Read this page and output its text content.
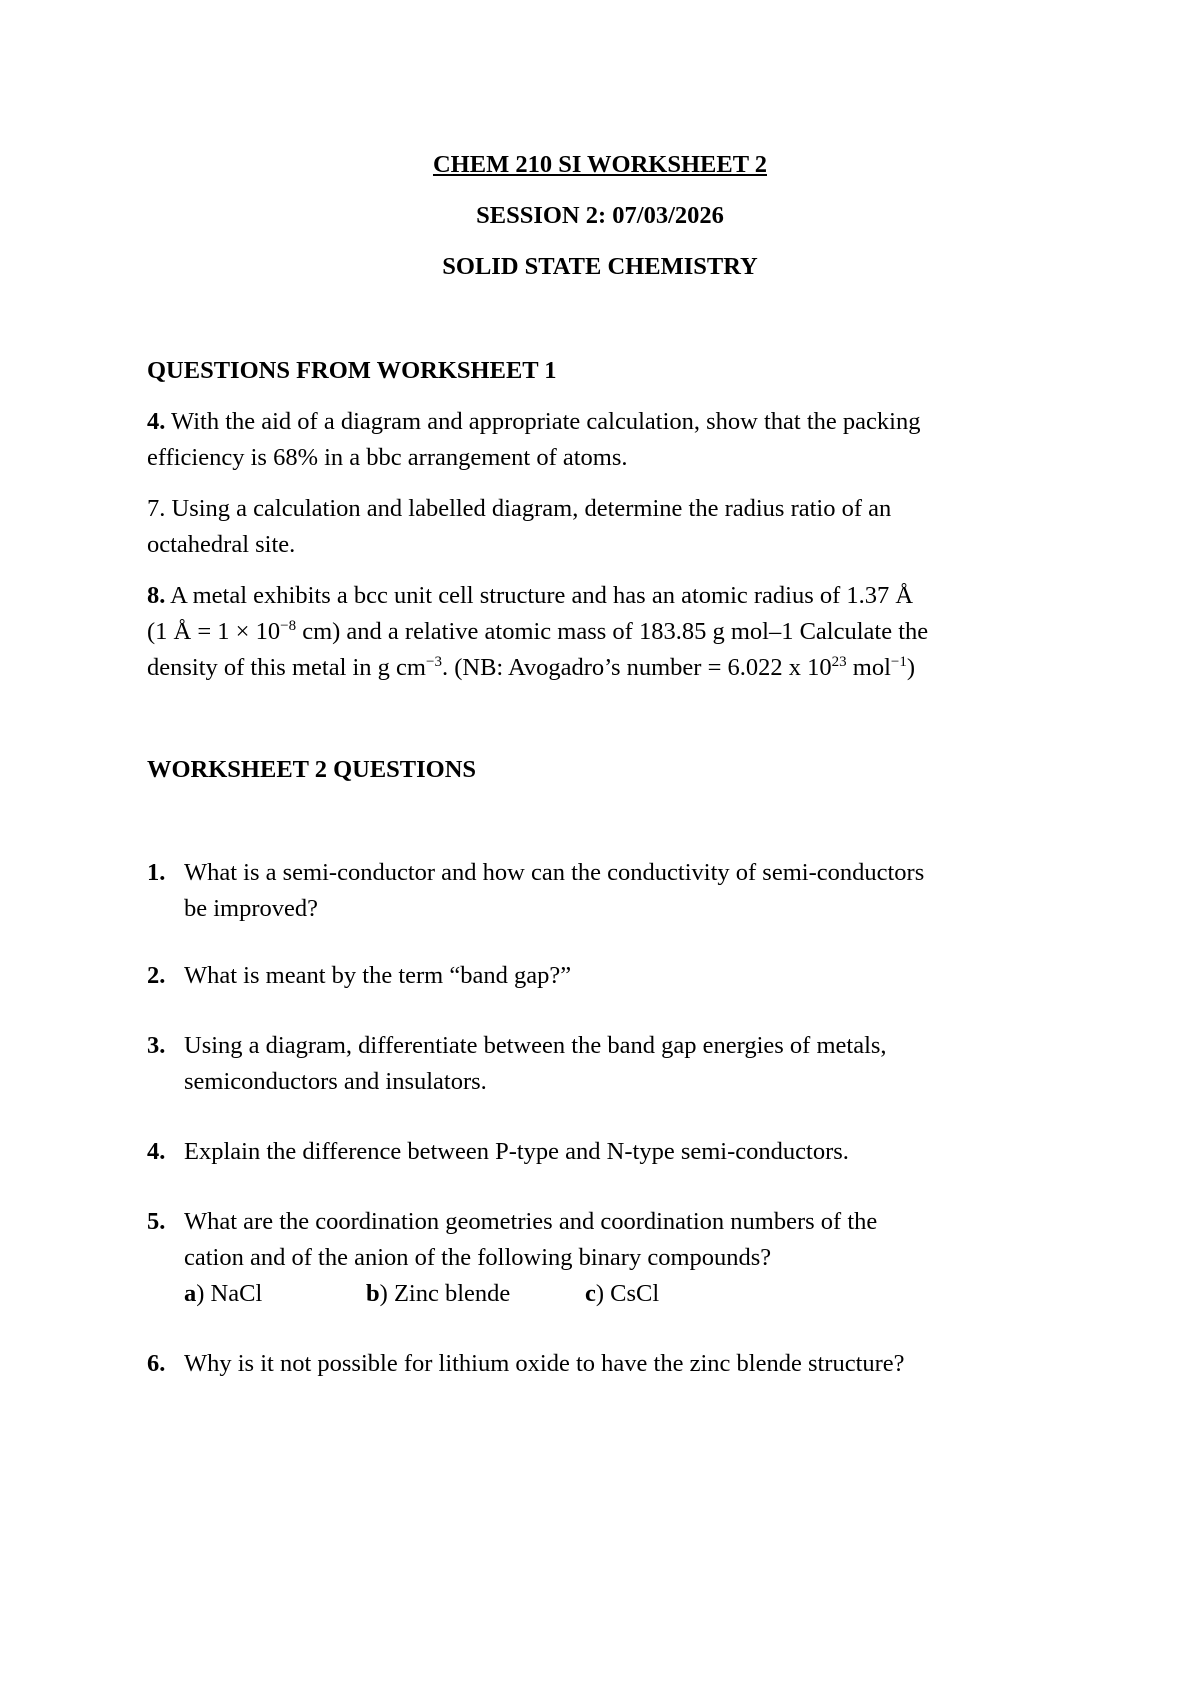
CHEM 210 SI WORKSHEET 2
SESSION 2: 07/03/2026
SOLID STATE CHEMISTRY
QUESTIONS FROM WORKSHEET 1
4. With the aid of a diagram and appropriate calculation, show that the packing
efficiency is 68% in a bbc arrangement of atoms.
7. Using a calculation and labelled diagram, determine the radius ratio of an
octahedral site.
8. A metal exhibits a bcc unit cell structure and has an atomic radius of 1.37 Å
(1 Å = $1 \times 10^{-8}$ cm) and a relative atomic mass of 183.85 g mol–1 Calculate the
density of this metal in g $cm^{-3}$. (NB: Avogadro’s number = 6.022 x $10^{23}$ mol$^{-1}$)
WORKSHEET 2 QUESTIONS
1. What is a semi-conductor and how can the conductivity of semi-conductors
be improved?
2. What is meant by the term “band gap?”
3. Using a diagram, differentiate between the band gap energies of metals,
semiconductors and insulators.
4. Explain the difference between P-type and N-type semi-conductors.
5. What are the coordination geometries and coordination numbers of the
cation and of the anion of the following binary compounds?
a) NaCl	b) Zinc blende	c) CsCl
6. Why is it not possible for lithium oxide to have the zinc blende structure?
